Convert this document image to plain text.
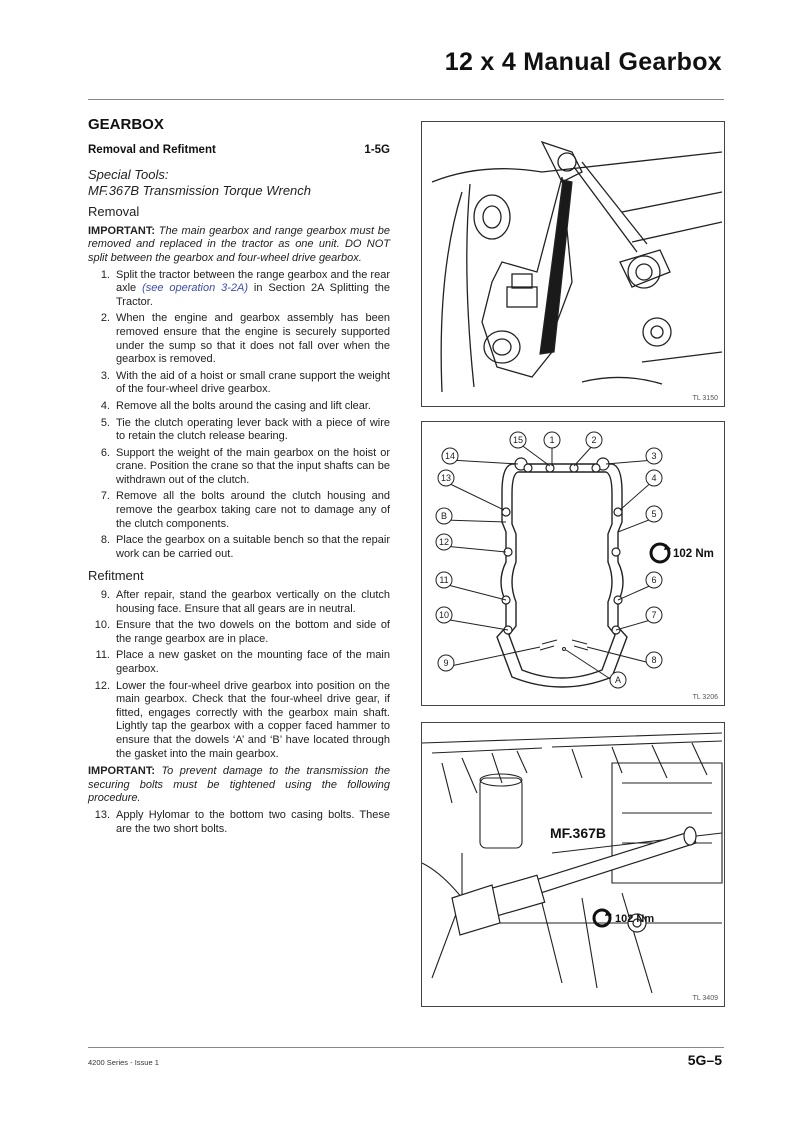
12 x 4 Manual Gearbox
GEARBOX
Removal and Refitment	1-5G
Special Tools:
MF.367B Transmission Torque Wrench
Removal

IMPORTANT: The main gearbox and range gearbox must be removed and replaced in the tractor as one unit. DO NOT split between the gearbox and four-wheel drive gearbox.

1. Split the tractor between the range gearbox and the rear axle (see operation 3-2A) in Section 2A Splitting the Tractor.
2. When the engine and gearbox assembly has been removed ensure that the engine is securely supported under the sump so that it does not fall over when the gearbox is removed.
3. With the aid of a hoist or small crane support the weight of the four-wheel drive gearbox.
4. Remove all the bolts around the casing and lift clear.
5. Tie the clutch operating lever back with a piece of wire to retain the clutch release bearing.
6. Support the weight of the main gearbox on the hoist or crane. Position the crane so that the input shafts can be withdrawn out of the clutch.
7. Remove all the bolts around the clutch housing and remove the gearbox taking care not to damage any of the clutch components.
8. Place the gearbox on a suitable bench so that the repair work can be carried out.
Refitment
9. After repair, stand the gearbox vertically on the clutch housing face. Ensure that all gears are in neutral.
10. Ensure that the two dowels on the bottom and side of the range gearbox are in place.
11. Place a new gasket on the mounting face of the main gearbox.
12. Lower the four-wheel drive gearbox into position on the main gearbox. Check that the four-wheel drive gear, if fitted, engages correctly with the gearbox main shaft. Lightly tap the gearbox with a copper faced hammer to ensure that the dowels ‘A’ and ‘B’ have located through the gasket into the main gearbox.

IMPORTANT: To prevent damage to the transmission the securing bolts must be tightened using the following procedure.

13. Apply Hylomar to the bottom two casing bolts. These are the two short bolts.
TL 3150
15	1	2
14	3
13	4
B	5
12
11	6
10	7
9	8
A
102 Nm
TL 3206
MF.367B
102 Nm
TL 3409
4200 Series - Issue 1	5G–5
